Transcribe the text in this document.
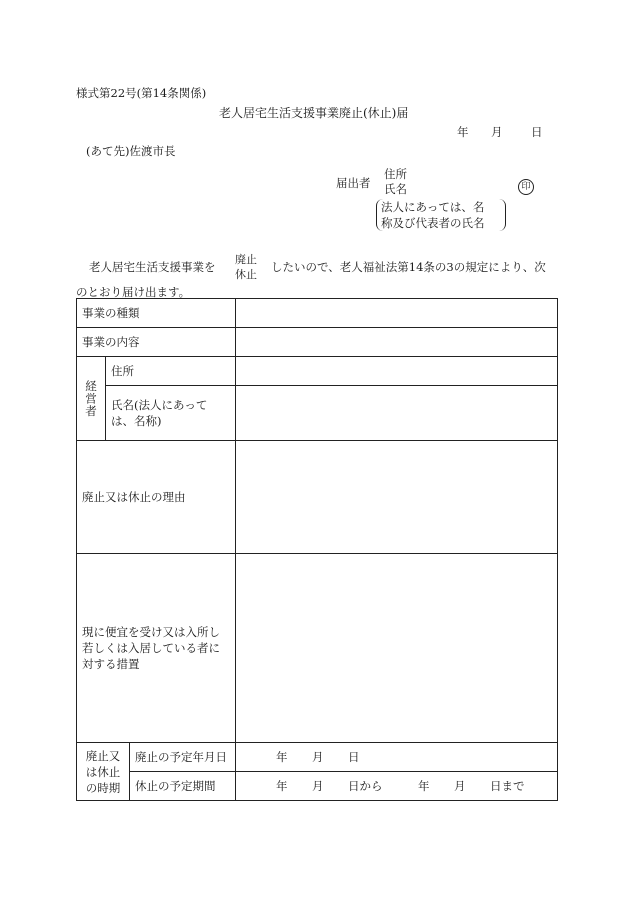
様式第22号(第14条関係)
老人居宅生活支援事業廃止(休止)届
年 月 日
(あて先)佐渡市長
届出者
住所
氏名	印
法人にあっては、名
称及び代表者の氏名
老人居宅生活支援事業を
廃止
休止
したいので、老人福祉法第14条の3の規定により、次
のとおり届け出ます。
事業の種類			
事業の内容			
経営者	住所		
	氏名(法人にあっては、名称)		
廃止又は休止の理由			
現に便宜を受け又は入所し若しくは入居している者に対する措置			
廃止又は休止の時期		廃止の予定年月日	年 月 日
		休止の予定期間	年 月 日から 年 月 日まで
